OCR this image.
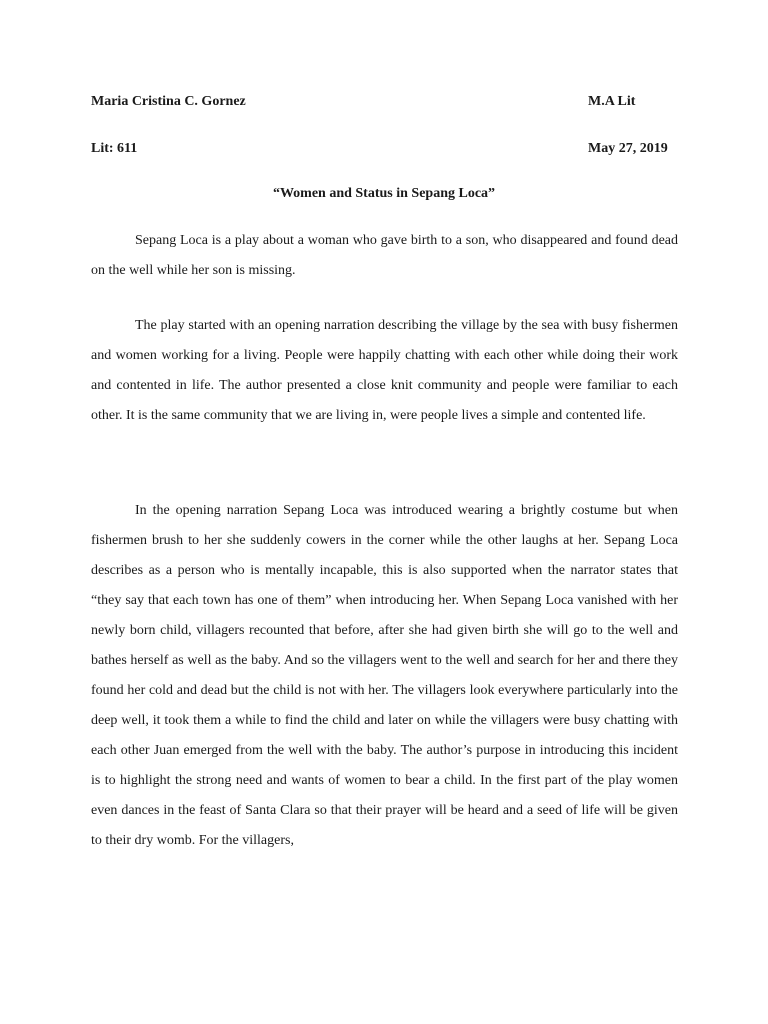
Maria Cristina C. Gornez	M.A Lit
Lit: 611	May 27, 2019
“Women and Status in Sepang Loca”

Sepang Loca is a play about a woman who gave birth to a son, who disappeared and found dead on the well while her son is missing.

The play started with an opening narration describing the village by the sea with busy fishermen and women working for a living. People were happily chatting with each other while doing their work and contented in life. The author presented a close knit community and people were familiar to each other. It is the same community that we are living in, were people lives a simple and contented life.

In the opening narration Sepang Loca was introduced wearing a brightly costume but when fishermen brush to her she suddenly cowers in the corner while the other laughs at her. Sepang Loca describes as a person who is mentally incapable, this is also supported when the narrator states that “they say that each town has one of them” when introducing her. When Sepang Loca vanished with her newly born child, villagers recounted that before, after she had given birth she will go to the well and bathes herself as well as the baby. And so the villagers went to the well and search for her and there they found her cold and dead but the child is not with her. The villagers look everywhere particularly into the deep well, it took them a while to find the child and later on while the villagers were busy chatting with each other Juan emerged from the well with the baby. The author’s purpose in introducing this incident is to highlight the strong need and wants of women to bear a child. In the first part of the play women even dances in the feast of Santa Clara so that their prayer will be heard and a seed of life will be given to their dry womb. For the villagers,
